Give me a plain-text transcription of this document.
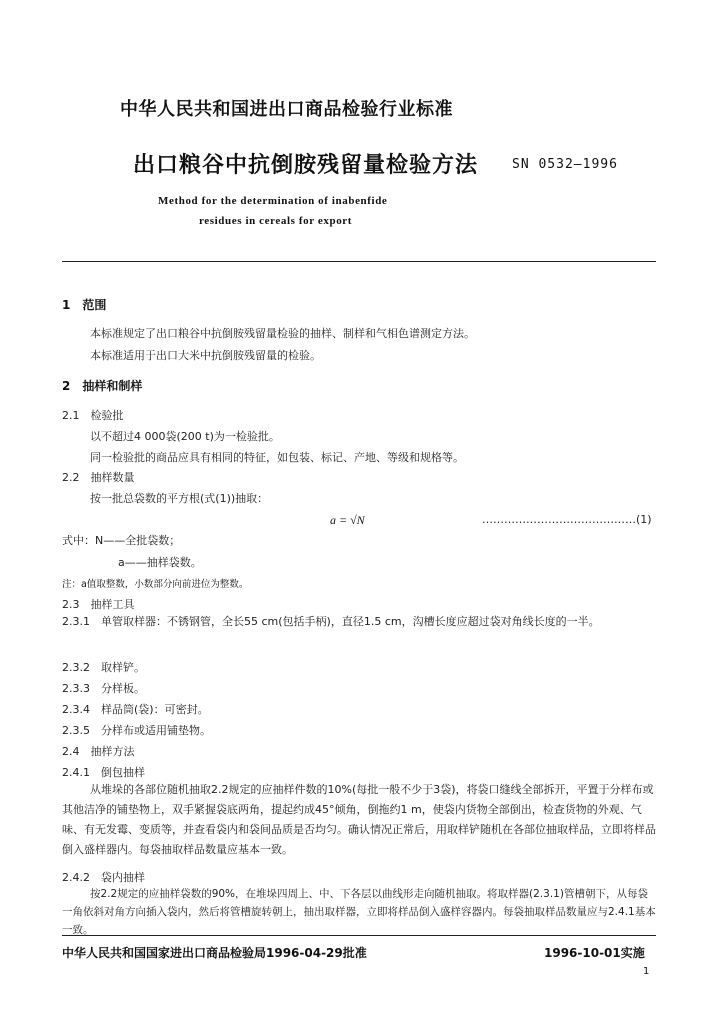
中华人民共和国进出口商品检验行业标准
出口粮谷中抗倒胺残留量检验方法	SN 0532—1996
Method for the determination of inabenfide
residues in cereals for export
1　范围
本标准规定了出口粮谷中抗倒胺残留量检验的抽样、制样和气相色谱测定方法。
本标准适用于出口大米中抗倒胺残留量的检验。
2　抽样和制样
2.1　检验批
以不超过4 000袋(200 t)为一检验批。
同一检验批的商品应具有相同的特征，如包装、标记、产地、等级和规格等。
2.2　抽样数量
按一批总袋数的平方根(式(1))抽取：
a = √N	……………………………………(1)
式中：N——全批袋数；
a——抽样袋数。
注：a值取整数，小数部分向前进位为整数。
2.3　抽样工具
2.3.1　单管取样器：不锈钢管，全长55 cm(包括手柄)，直径1.5 cm，沟槽长度应超过袋对角线长度的一半。
2.3.2　取样铲。
2.3.3　分样板。
2.3.4　样品筒(袋)：可密封。
2.3.5　分样布或适用铺垫物。
2.4　抽样方法
2.4.1　倒包抽样
从堆垛的各部位随机抽取2.2规定的应抽样件数的10%(每批一般不少于3袋)，将袋口缝线全部拆开，平置于分样布或其他洁净的铺垫物上，双手紧握袋底两角，提起约成45°倾角，倒拖约1 m，使袋内货物全部倒出，检查货物的外观、气味、有无发霉、变质等，并查看袋内和袋间品质是否均匀。确认情况正常后，用取样铲随机在各部位抽取样品，立即将样品倒入盛样器内。每袋抽取样品数量应基本一致。
2.4.2　袋内抽样
按2.2规定的应抽样袋数的90%，在堆垛四周上、中、下各层以曲线形走向随机抽取。将取样器(2.3.1)管槽朝下，从每袋一角依斜对角方向插入袋内，然后将管槽旋转朝上，抽出取样器，立即将样品倒入盛样容器内。每袋抽取样品数量应与2.4.1基本一致。
中华人民共和国国家进出口商品检验局1996-04-29批准	1996-10-01实施
1
